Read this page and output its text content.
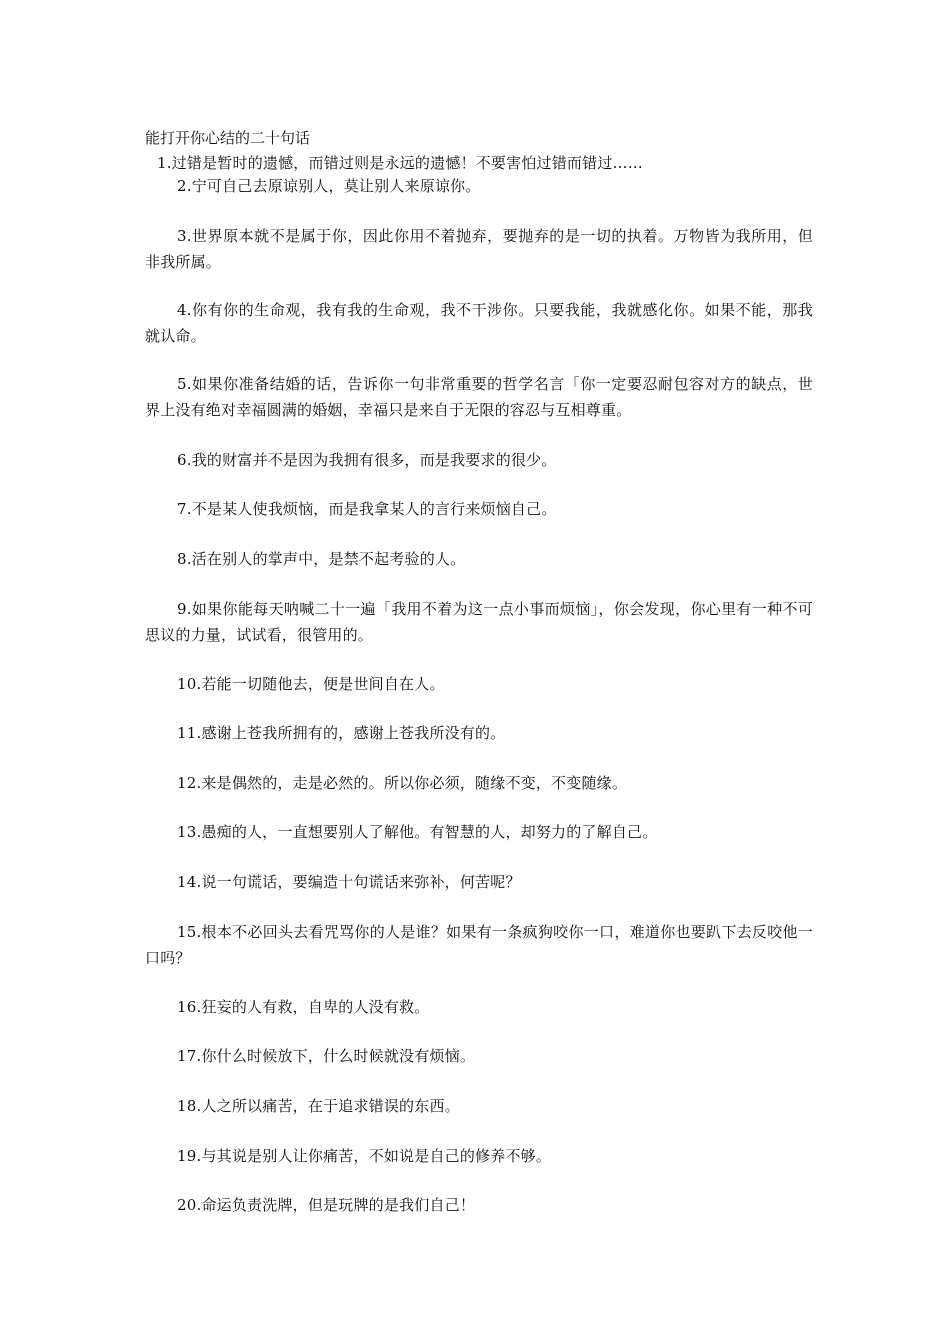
能打开你心结的二十句话
1.过错是暂时的遗憾，而错过则是永远的遗憾！不要害怕过错而错过……
2.宁可自己去原谅别人，莫让别人来原谅你。
3.世界原本就不是属于你，因此你用不着抛弃，要抛弃的是一切的执着。万物皆为我所用，但 非我所属。
4.你有你的生命观，我有我的生命观，我不干涉你。只要我能，我就感化你。如果不能，那我就认命。
5.如果你准备结婚的话，告诉你一句非常重要的哲学名言「你一定要忍耐包容对方的缺点，世界上没有绝对幸福圆满的婚姻，幸福只是来自于无限的容忍与互相尊重。
6.我的财富并不是因为我拥有很多，而是我要求的很少。
7.不是某人使我烦恼，而是我拿某人的言行来烦恼自己。
8.活在别人的掌声中，是禁不起考验的人。
9.如果你能每天呐喊二十一遍「我用不着为这一点小事而烦恼」，你会发现，你心里有一种不可思议的力量，试试看，很管用的。
10.若能一切随他去，便是世间自在人。
11.感谢上苍我所拥有的，感谢上苍我所没有的。
12.来是偶然的，走是必然的。所以你必须，随缘不变，不变随缘。
13.愚痴的人，一直想要别人了解他。有智慧的人，却努力的了解自己。
14.说一句谎话，要编造十句谎话来弥补，何苦呢？
15.根本不必回头去看咒骂你的人是谁？如果有一条疯狗咬你一口，难道你也要趴下去反咬他一口吗？
16.狂妄的人有救，自卑的人没有救。
17.你什么时候放下，什么时候就没有烦恼。
18.人之所以痛苦，在于追求错误的东西。
19.与其说是别人让你痛苦，不如说是自己的修养不够。
20.命运负责洗牌，但是玩牌的是我们自己！
